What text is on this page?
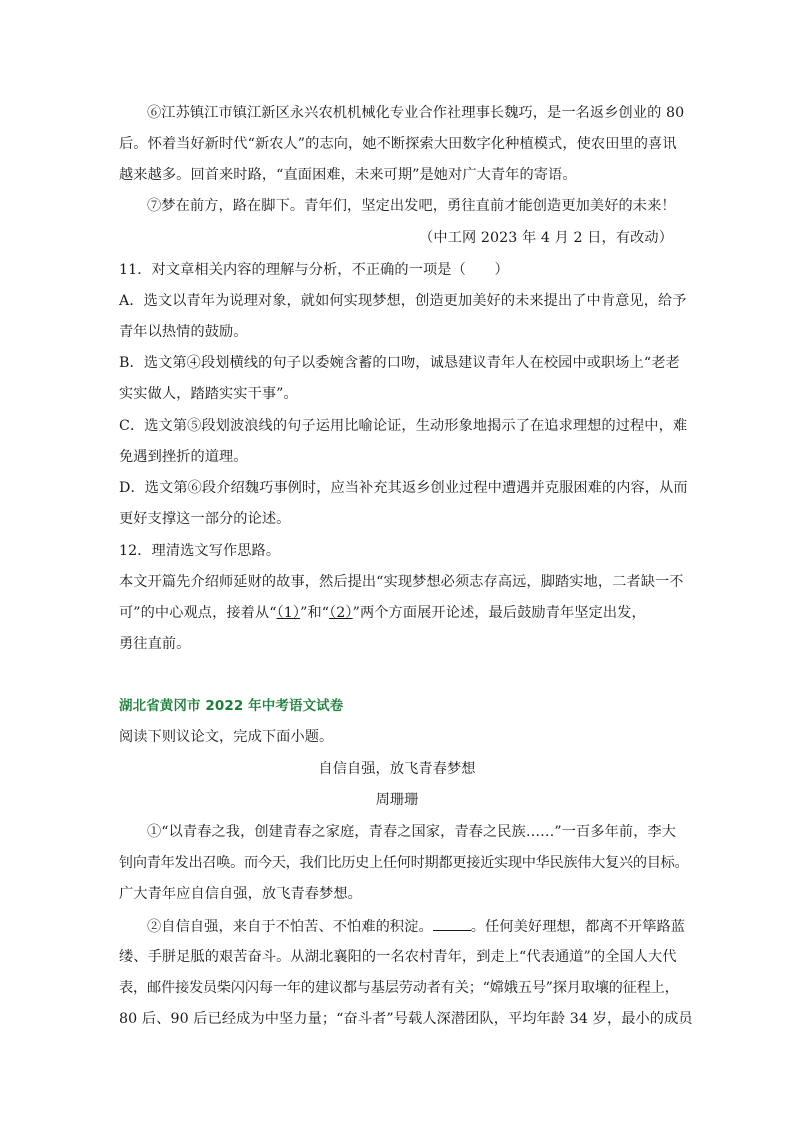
⑥江苏镇江市镇江新区永兴农机机械化专业合作社理事长魏巧，是一名返乡创业的 80
后。怀着当好新时代“新农人”的志向，她不断探索大田数字化种植模式，使农田里的喜讯
越来越多。回首来时路，“直面困难，未来可期”是她对广大青年的寄语。
⑦梦在前方，路在脚下。青年们，坚定出发吧，勇往直前才能创造更加美好的未来！
（中工网 2023 年 4 月 2 日，有改动）
11．对文章相关内容的理解与分析，不正确的一项是（　　）
A．选文以青年为说理对象，就如何实现梦想，创造更加美好的未来提出了中肯意见，给予
青年以热情的鼓励。
B．选文第④段划横线的句子以委婉含蓄的口吻，诚恳建议青年人在校园中或职场上“老老
实实做人，踏踏实实干事”。
C．选文第⑤段划波浪线的句子运用比喻论证，生动形象地揭示了在追求理想的过程中，难
免遇到挫折的道理。
D．选文第⑥段介绍魏巧事例时，应当补充其返乡创业过程中遭遇并克服困难的内容，从而
更好支撑这一部分的论述。
12．理清选文写作思路。
本文开篇先介绍师延财的故事，然后提出“实现梦想必须志存高远，脚踏实地，二者缺一不
可”的中心观点，接着从“（1）”和“（2）”两个方面展开论述，最后鼓励青年坚定出发，
勇往直前。
湖北省黄冈市 2022 年中考语文试卷
阅读下则议论文，完成下面小题。
自信自强，放飞青春梦想
周珊珊
①“以青春之我，创建青春之家庭，青春之国家，青春之民族……”一百多年前，李大
钊向青年发出召唤。而今天，我们比历史上任何时期都更接近实现中华民族伟大复兴的目标。
广大青年应自信自强，放飞青春梦想。
②自信自强，来自于不怕苦、不怕难的积淀。	。任何美好理想，都离不开筚路蓝
缕、手胼足胝的艰苦奋斗。从湖北襄阳的一名农村青年，到走上“代表通道”的全国人大代
表，邮件接发员柴闪闪每一年的建议都与基层劳动者有关；“嫦娥五号”探月取壤的征程上，
80 后、90 后已经成为中坚力量；“奋斗者”号载人深潜团队，平均年龄 34 岁，最小的成员
